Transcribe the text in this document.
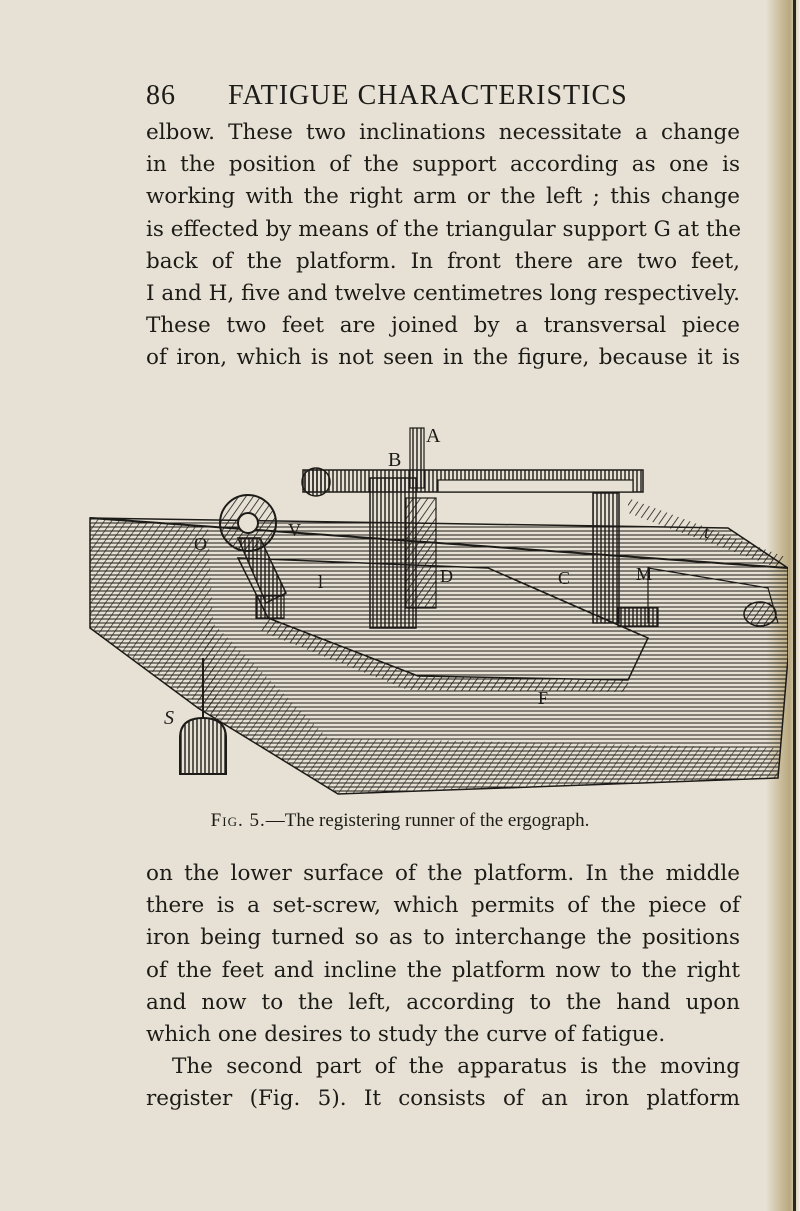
86 FATIGUE CHARACTERISTICS
elbow. These two inclinations necessitate a change
in the position of the support according as one is
working with the right arm or the left ; this change
is effected by means of the triangular support G at the
back of the platform. In front there are two feet,
I and H, five and twelve centimetres long respectively.
These two feet are joined by a transversal piece
of iron, which is not seen in the figure, because it is
A
B
V
O
l	D	C	M
t
F
S
Fig. 5.—The registering runner of the ergograph.
on the lower surface of the platform. In the middle
there is a set-screw, which permits of the piece of
iron being turned so as to interchange the positions
of the feet and incline the platform now to the right
and now to the left, according to the hand upon
which one desires to study the curve of fatigue.
The second part of the apparatus is the moving
register (Fig. 5). It consists of an iron platform
